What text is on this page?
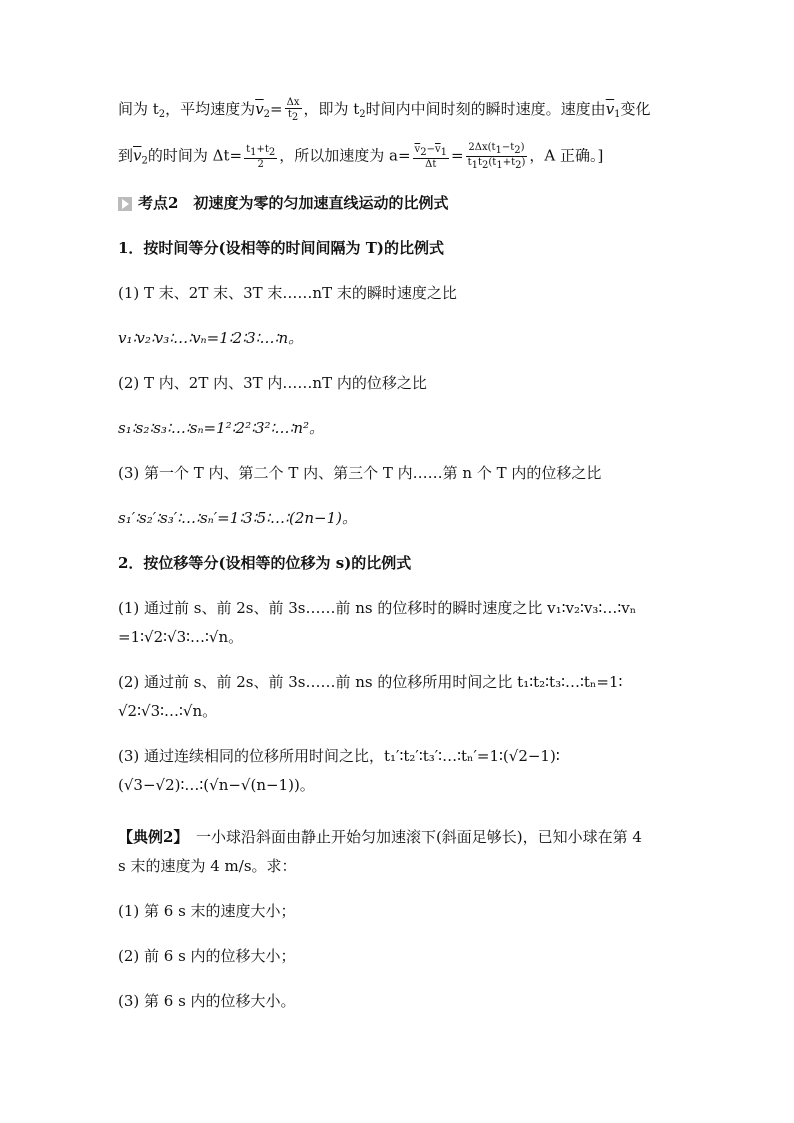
间为 $t_2$，平均速度为$\overline{v}_2= \frac{\Delta x}{t_2}$ ，即为 $t_2$时间内中间时刻的瞬时速度。速度由$\overline{v}_1$变化
到$\overline{v}_2$的时间为 $\Delta t= \frac{t_1+t_2}{2}$ ，所以加速度为 $a= \frac{\overline{v}_2-\overline{v}_1}{\Delta t} = \frac{2\Delta x(t_1-t_2)}{t_1t_2(t_1+t_2)}$ ，A 正确。]
考点2　初速度为零的匀加速直线运动的比例式
1．按时间等分(设相等的时间间隔为 T)的比例式
(1) T 末、2T 末、3T 末……nT 末的瞬时速度之比
v₁∶v₂∶v₃∶…∶vₙ=1∶2∶3∶…∶n。
(2) T 内、2T 内、3T 内……nT 内的位移之比
s₁∶s₂∶s₃∶…∶sₙ=1²∶2²∶3²∶…∶n²。
(3) 第一个 T 内、第二个 T 内、第三个 T 内……第 n 个 T 内的位移之比
s₁′∶s₂′∶s₃′∶…∶sₙ′=1∶3∶5∶…∶(2n−1)。
2．按位移等分(设相等的位移为 s)的比例式
(1) 通过前 s、前 2s、前 3s……前 ns 的位移时的瞬时速度之比 v₁∶v₂∶v₃∶…∶vₙ
=1∶√2∶√3∶…∶√n。
(2) 通过前 s、前 2s、前 3s……前 ns 的位移所用时间之比 t₁∶t₂∶t₃∶…∶tₙ=1∶
√2∶√3∶…∶√n。
(3) 通过连续相同的位移所用时间之比，t₁′∶t₂′∶t₃′∶…∶tₙ′=1∶(√2−1)∶
(√3−√2)∶…∶(√n−√(n−1))。
【典例2】　一小球沿斜面由静止开始匀加速滚下(斜面足够长)，已知小球在第 4
s 末的速度为 4 m/s。求：
(1) 第 6 s 末的速度大小；
(2) 前 6 s 内的位移大小；
(3) 第 6 s 内的位移大小。
